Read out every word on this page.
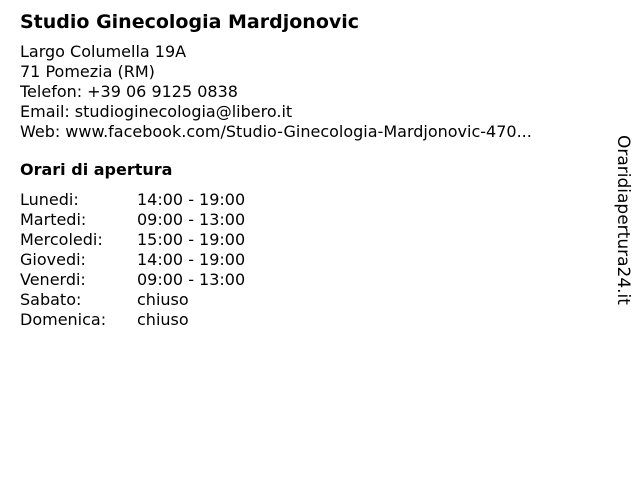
Studio Ginecologia Mardjonovic
Largo Columella 19A
71 Pomezia (RM)
Telefon: +39 06 9125 0838
Email: studioginecologia@libero.it
Web: www.facebook.com/Studio-Ginecologia-Mardjonovic-470...
Orari di apertura
Lunedi:	14:00 - 19:00
Martedi:	09:00 - 13:00
Mercoledi:	15:00 - 19:00
Giovedi:	14:00 - 19:00
Venerdi:	09:00 - 13:00
Sabato:	chiuso
Domenica:	chiuso
Oraridiapertura24.it
